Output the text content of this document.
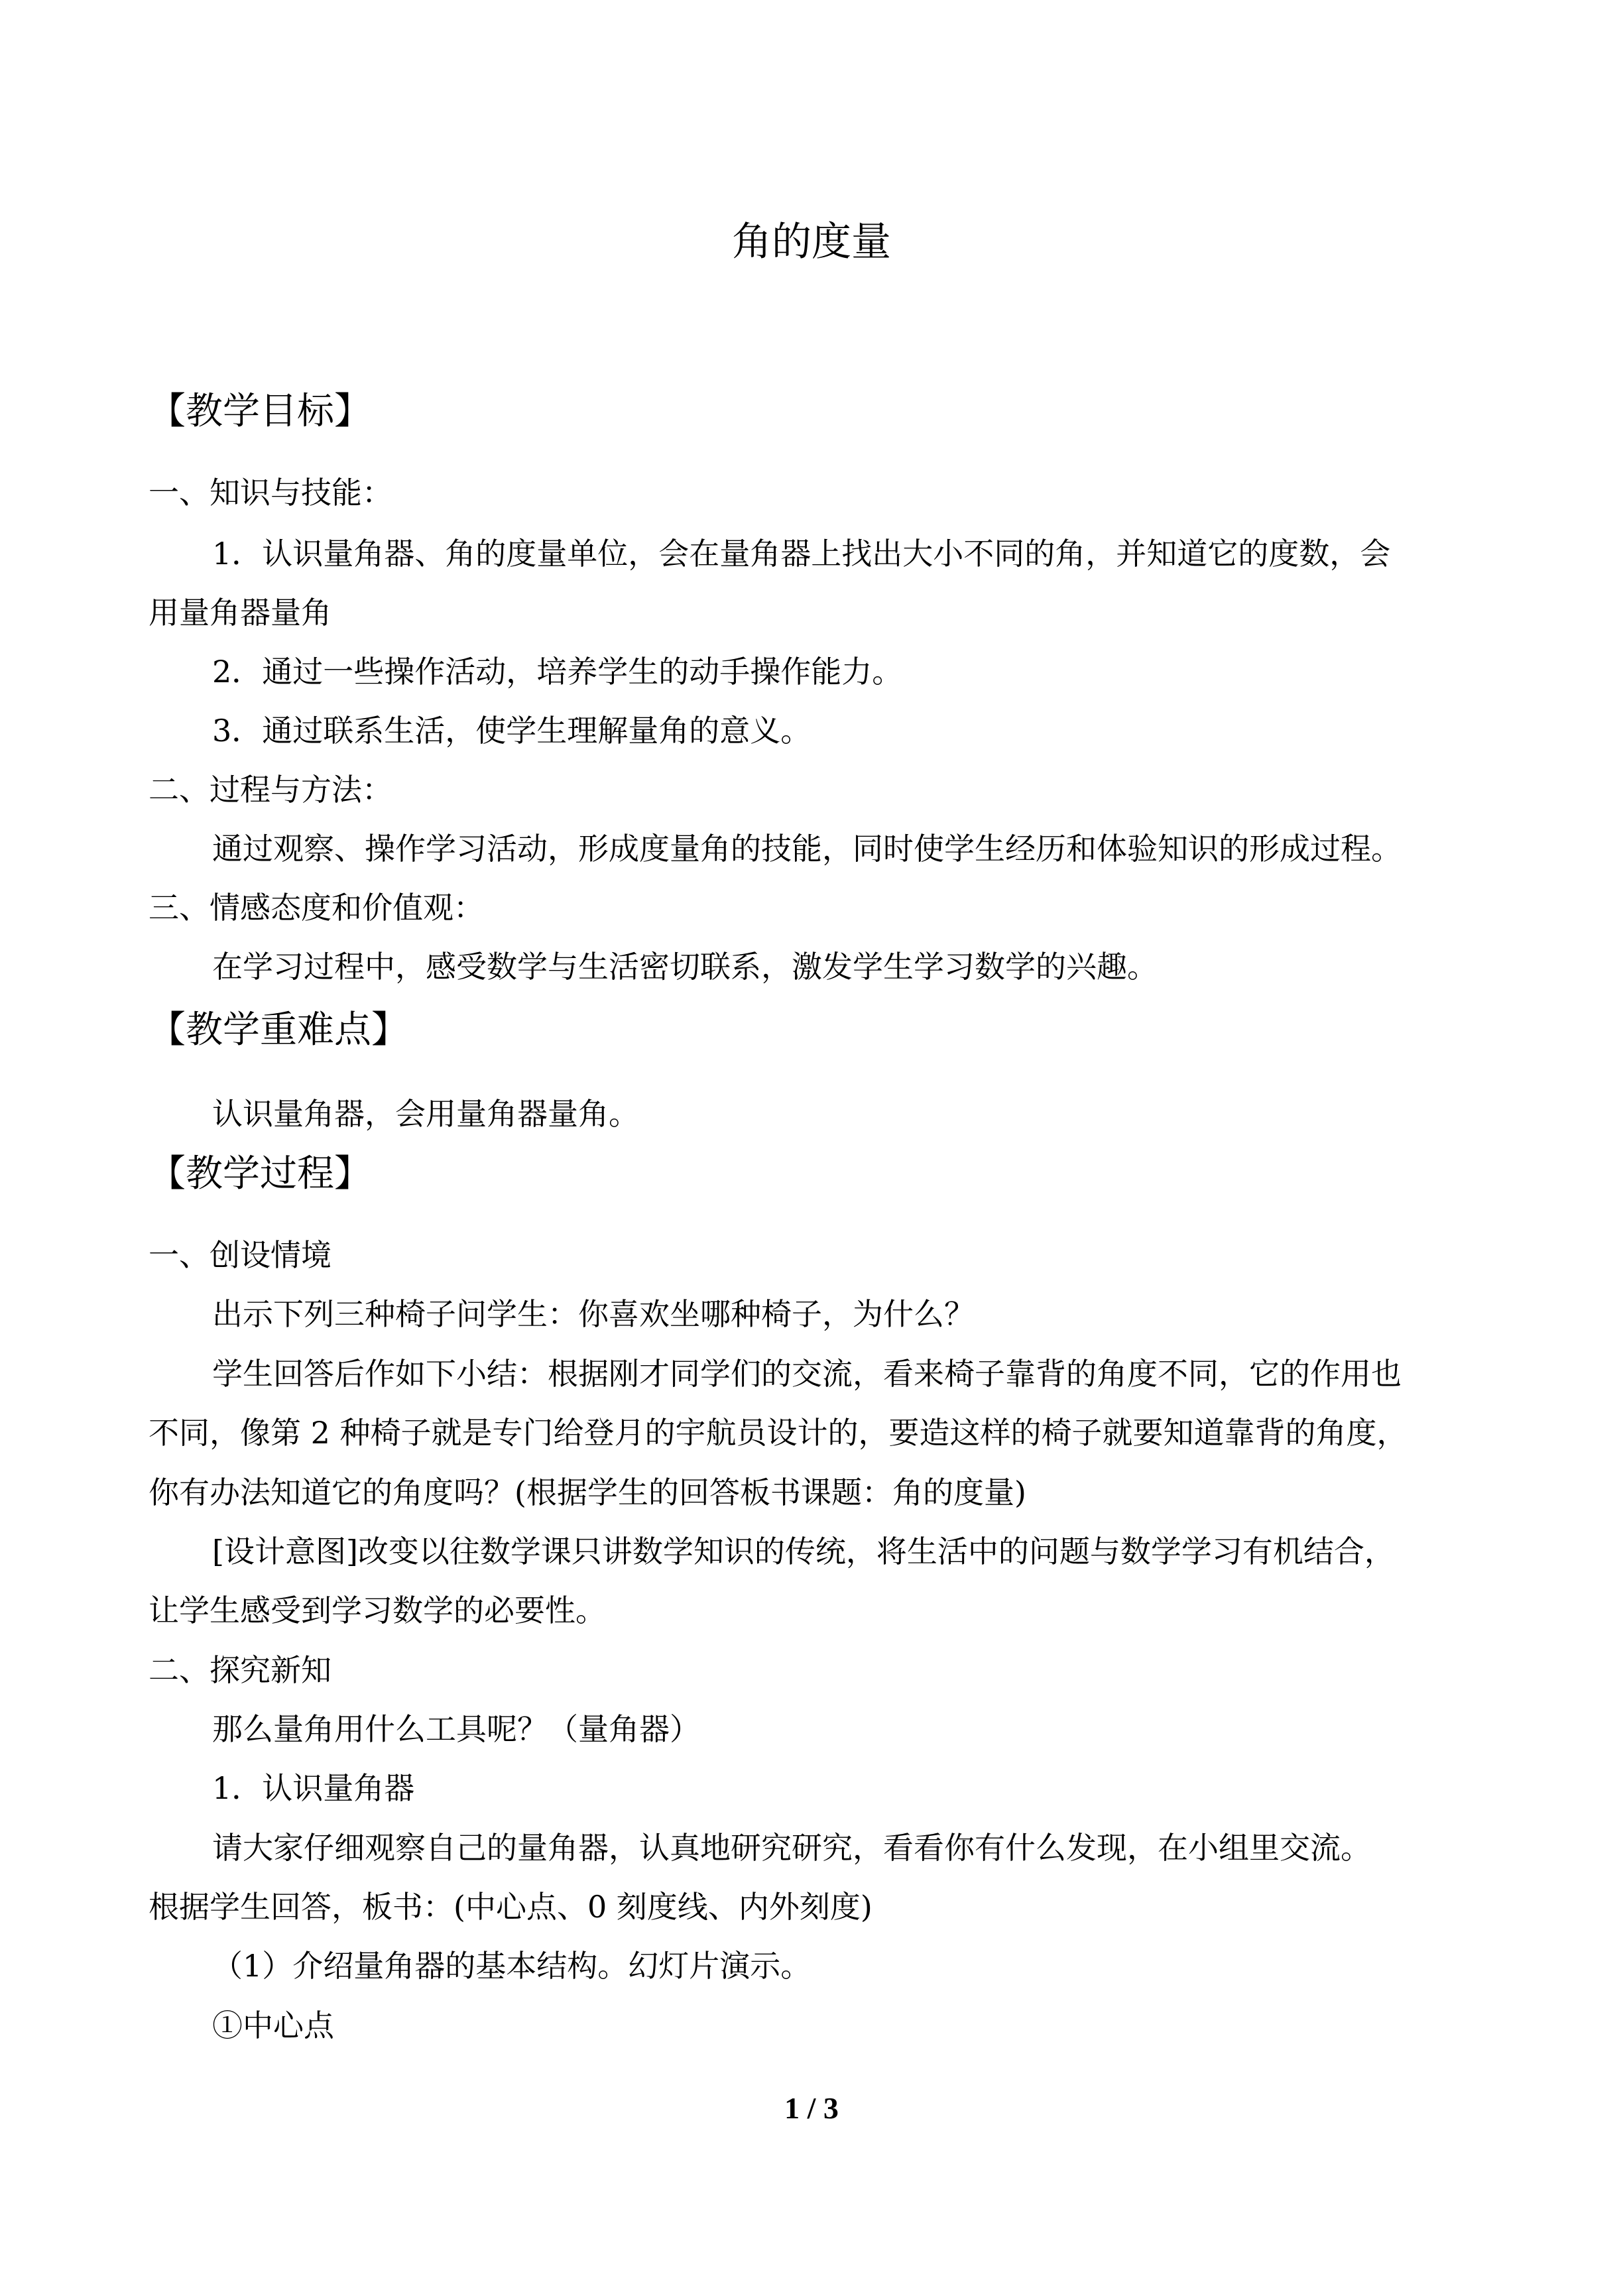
角的度量
【教学目标】
一、知识与技能：
1．认识量角器、角的度量单位，会在量角器上找出大小不同的角，并知道它的度数，会
用量角器量角
2．通过一些操作活动，培养学生的动手操作能力。
3．通过联系生活，使学生理解量角的意义。
二、过程与方法：
通过观察、操作学习活动，形成度量角的技能，同时使学生经历和体验知识的形成过程。
三、情感态度和价值观：
在学习过程中，感受数学与生活密切联系，激发学生学习数学的兴趣。
【教学重难点】
认识量角器，会用量角器量角。
【教学过程】
一、创设情境
出示下列三种椅子问学生：你喜欢坐哪种椅子，为什么？
学生回答后作如下小结：根据刚才同学们的交流，看来椅子靠背的角度不同，它的作用也
不同，像第 2 种椅子就是专门给登月的宇航员设计的，要造这样的椅子就要知道靠背的角度，
你有办法知道它的角度吗？(根据学生的回答板书课题：角的度量)
[设计意图]改变以往数学课只讲数学知识的传统，将生活中的问题与数学学习有机结合，
让学生感受到学习数学的必要性。
二、探究新知
那么量角用什么工具呢？（量角器）
1．认识量角器
请大家仔细观察自己的量角器，认真地研究研究，看看你有什么发现，在小组里交流。
根据学生回答，板书：(中心点、0 刻度线、内外刻度)
（1）介绍量角器的基本结构。幻灯片演示。
①中心点
1 / 3
